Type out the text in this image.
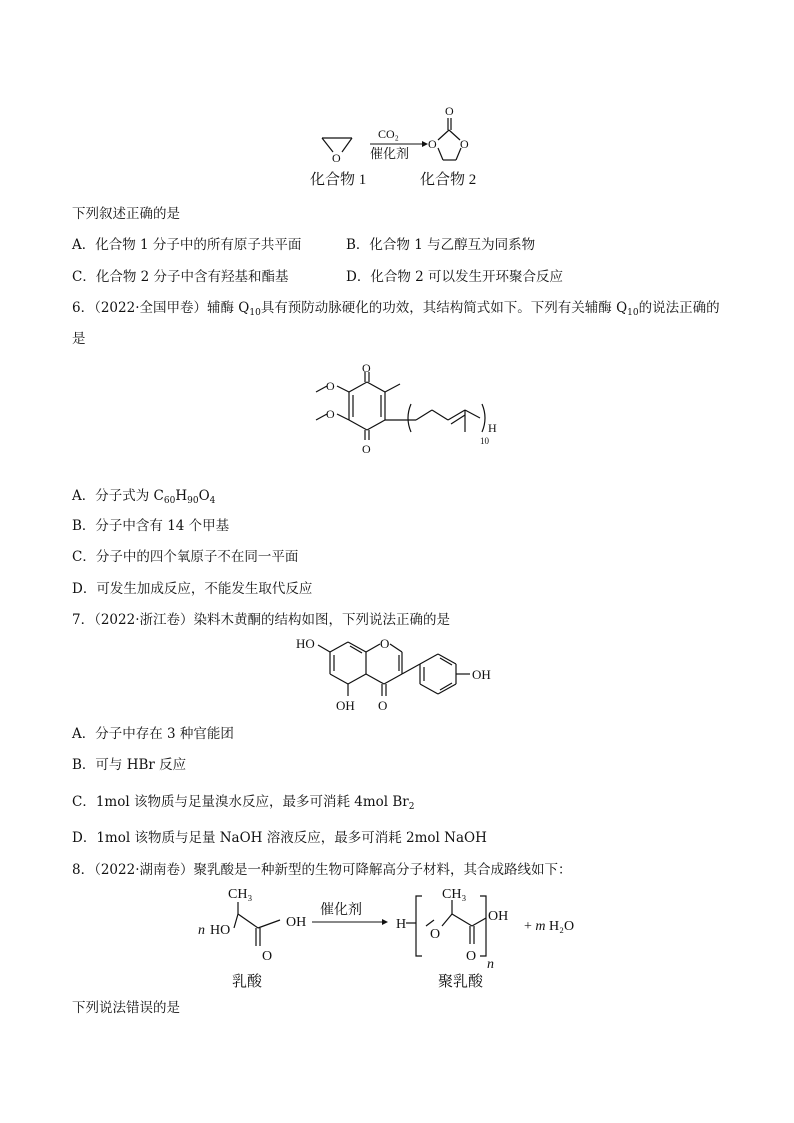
O
CO₂
催化剂
O
O O
化合物 1	化合物 2
下列叙述正确的是
A．化合物 1 分子中的所有原子共平面	B．化合物 1 与乙醇互为同系物
C．化合物 2 分子中含有羟基和酯基	D．化合物 2 可以发生开环聚合反应
6．（2022·全国甲卷）辅酶 $Q_{10}$具有预防动脉硬化的功效，其结构简式如下。下列有关辅酶 $Q_{10}$的说法正确的
是
O
O
O
O
H
10
A．分子式为 $C_{60}H_{90}O_4$
B．分子中含有 14 个甲基
C．分子中的四个氧原子不在同一平面
D．可发生加成反应，不能发生取代反应
7．（2022·浙江卷）染料木黄酮的结构如图，下列说法正确的是
HO	O
OH
OH O
A．分子中存在 3 种官能团
B．可与 HBr 反应
C．1mol 该物质与足量溴水反应，最多可消耗 4mol $Br_2$
D．1mol 该物质与足量 NaOH 溶液反应，最多可消耗 2mol NaOH
8．（2022·湖南卷）聚乳酸是一种新型的生物可降解高分子材料，其合成路线如下：
CH₃
n HO
OH
O
催化剂
H
O
CH₃
OH
O
n
+ m H₂O
乳酸	聚乳酸
下列说法错误的是
